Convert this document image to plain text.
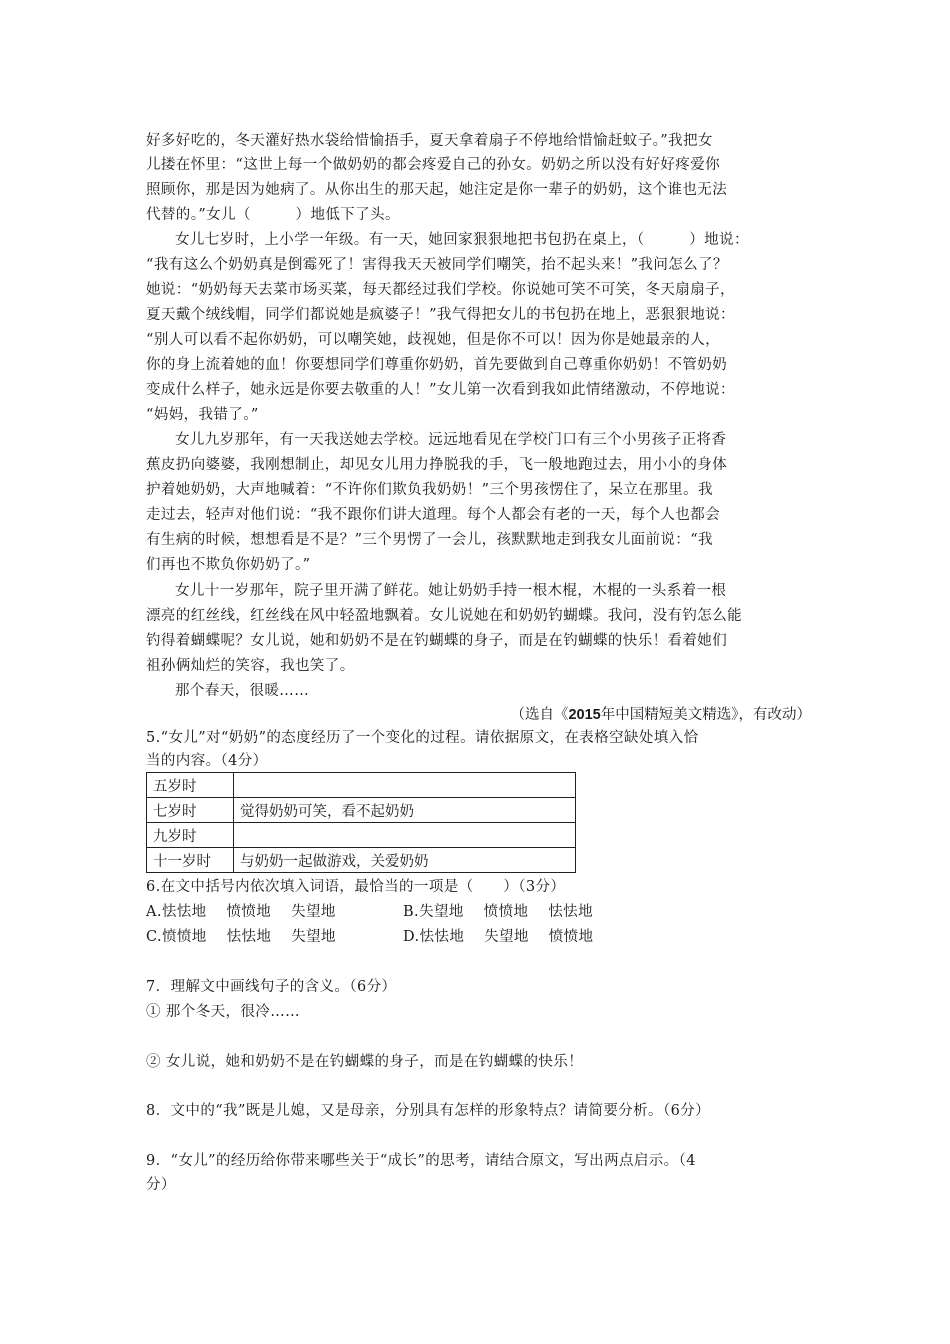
好多好吃的，冬天灌好热水袋给惜愉捂手，夏天拿着扇子不停地给惜愉赶蚊子。”我把女
儿搂在怀里：“这世上每一个做奶奶的都会疼爱自己的孙女。奶奶之所以没有好好疼爱你
照顾你，那是因为她病了。从你出生的那天起，她注定是你一辈子的奶奶，这个谁也无法
代替的。”女儿（　　　）地低下了头。
女儿七岁时，上小学一年级。有一天，她回家狠狠地把书包扔在桌上，（　　　）地说：
“我有这么个奶奶真是倒霉死了！害得我天天被同学们嘲笑，抬不起头来！”我问怎么了？
她说：“奶奶每天去菜市场买菜，每天都经过我们学校。你说她可笑不可笑，冬天扇扇子，
夏天戴个绒线帽，同学们都说她是疯婆子！”我气得把女儿的书包扔在地上，恶狠狠地说：
“别人可以看不起你奶奶，可以嘲笑她，歧视她，但是你不可以！因为你是她最亲的人，
你的身上流着她的血！你要想同学们尊重你奶奶，首先要做到自己尊重你奶奶！不管奶奶
变成什么样子，她永远是你要去敬重的人！”女儿第一次看到我如此情绪激动，不停地说：
“妈妈，我错了。”
女儿九岁那年，有一天我送她去学校。远远地看见在学校门口有三个小男孩子正将香
蕉皮扔向婆婆，我刚想制止，却见女儿用力挣脱我的手，飞一般地跑过去，用小小的身体
护着她奶奶，大声地喊着：“不许你们欺负我奶奶！”三个男孩愣住了，呆立在那里。我
走过去，轻声对他们说：“我不跟你们讲大道理。每个人都会有老的一天，每个人也都会
有生病的时候，想想看是不是？”三个男愣了一会儿，孩默默地走到我女儿面前说：“我
们再也不欺负你奶奶了。”
女儿十一岁那年，院子里开满了鲜花。她让奶奶手持一根木棍，木棍的一头系着一根
漂亮的红丝线，红丝线在风中轻盈地飘着。女儿说她在和奶奶钓蝴蝶。我问，没有钓怎么能
钓得着蝴蝶呢？女儿说，她和奶奶不是在钓蝴蝶的身子，而是在钓蝴蝶的快乐！看着她们
祖孙俩灿烂的笑容，我也笑了。
那个春天，很暖……
（选自《2015年中国精短美文精选》，有改动）
5.“女儿”对“奶奶”的态度经历了一个变化的过程。请依据原文，在表格空缺处填入恰
当的内容。（4分）
五岁时	
七岁时	觉得奶奶可笑，看不起奶奶
九岁时	
十一岁时	与奶奶一起做游戏，关爱奶奶
6.在文中括号内依次填入词语，最恰当的一项是（　　）（3分）
A.怯怯地　 愤愤地　 失望地	B.失望地　 愤愤地　 怯怯地
C.愤愤地　 怯怯地　 失望地	D.怯怯地　 失望地　 愤愤地
7．理解文中画线句子的含义。（6分）
① 那个冬天，很冷……
② 女儿说，她和奶奶不是在钓蝴蝶的身子，而是在钓蝴蝶的快乐！
8．文中的“我”既是儿媳，又是母亲，分别具有怎样的形象特点？请简要分析。（6分）
9．“女儿”的经历给你带来哪些关于“成长”的思考，请结合原文，写出两点启示。（4
分）
